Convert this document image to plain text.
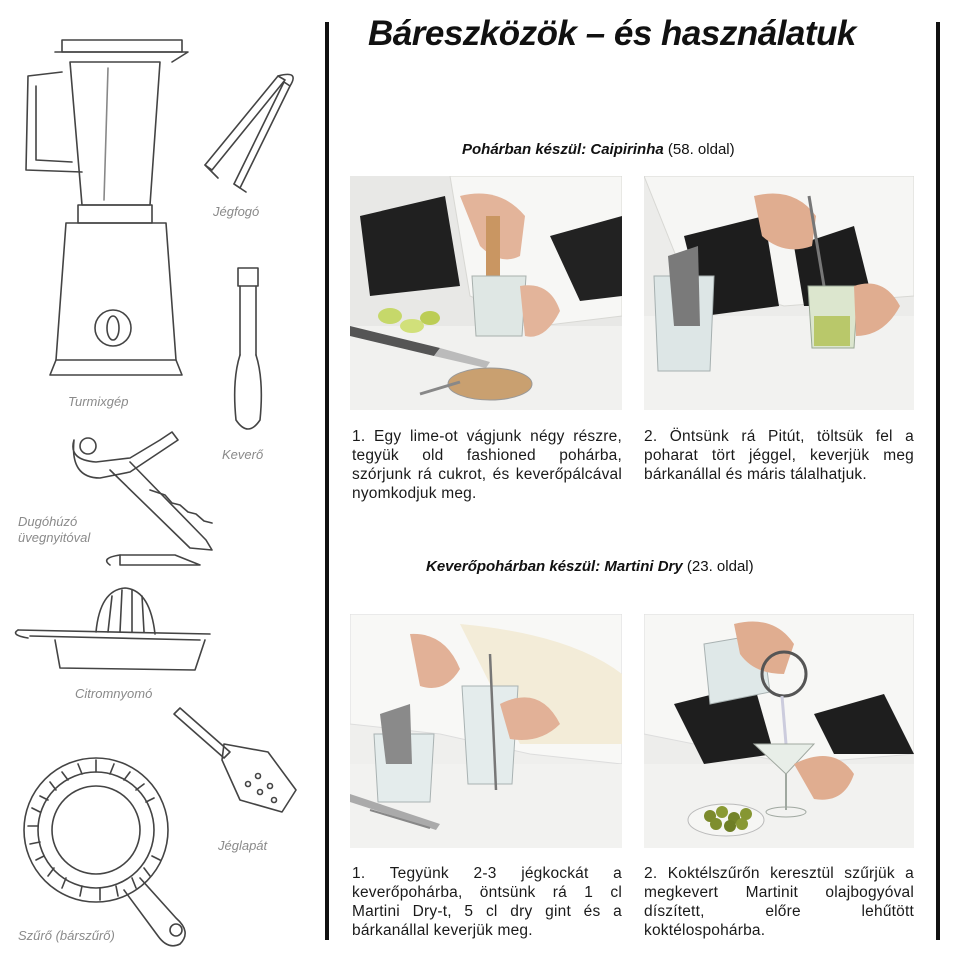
Jégfogó
Turmixgép
Keverő
Dugóhúzó
üvegnyitóval
Citromnyomó
Jéglapát
Szűrő (bárszűrő)
Báreszközök – és használatuk
Pohárban készül: Caipirinha (58. oldal)
1. Egy lime-ot vágjunk négy részre, tegyük old fashioned pohárba, szórjunk rá cukrot, és keverőpálcával nyomkodjuk meg.
2. Öntsünk rá Pitút, töltsük fel a poharat tört jéggel, keverjük meg bárkanállal és máris tálalhatjuk.
Keverőpohárban készül: Martini Dry (23. oldal)
1. Tegyünk 2-3 jégkockát a keverőpohárba, öntsünk rá 1 cl Martini Dry-t, 5 cl dry gint és a bárkanállal keverjük meg.
2. Koktélszűrőn keresztül szűrjük a megkevert Martinit olajbogyóval díszített, előre lehűtött koktélospohárba.
